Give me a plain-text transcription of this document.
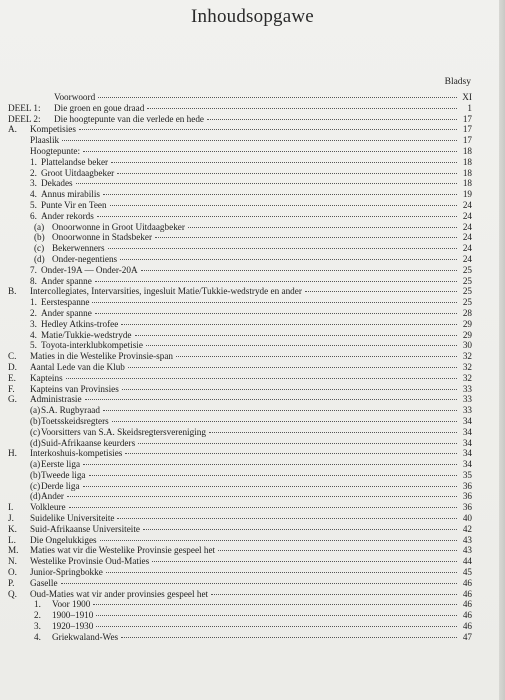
Inhoudsopgawe
Bladsy
Voorwoord	XI
DEEL 1:	Die groen en goue draad	1
DEEL 2:	Die hoogtepunte van die verlede en hede	17
A.	Kompetisies	17
Plaaslik	17
Hoogtepunte:	18
1. Plattelandse beker	18
2. Groot Uitdaagbeker	18
3. Dekades	18
4. Annus mirabilis	19
5. Punte Vir en Teen	24
6. Ander rekords	24
(a) Onoorwonne in Groot Uitdaagbeker	24
(b) Onoorwonne in Stadsbeker	24
(c) Bekerwenners	24
(d) Onder-negentiens	24
7. Onder-19A — Onder-20A	25
8. Ander spanne	25
B.	Intercollegiates, Intervarsities, ingesluit Matie/Tukkie-wedstryde en ander	25
1. Eerstespanne	25
2. Ander spanne	28
3. Hedley Atkins-trofee	29
4. Matie/Tukkie-wedstryde	29
5. Toyota-interklubkompetisie	30
C.	Maties in die Westelike Provinsie-span	32
D.	Aantal Lede van die Klub	32
E.	Kapteins	32
F.	Kapteins van Provinsies	33
G.	Administrasie	33
(a) S.A. Rugbyraad	33
(b) Toetsskeidsregters	34
(c) Voorsitters van S.A. Skeidsregtersvereniging	34
(d) Suid-Afrikaanse keurders	34
H.	Interkoshuis-kompetisies	34
(a) Eerste liga	34
(b) Tweede liga	35
(c) Derde liga	36
(d) Ander	36
I.	Volkleure	36
J.	Suidelike Universiteite	40
K.	Suid-Afrikaanse Universiteite	42
L.	Die Ongelukkiges	43
M.	Maties wat vir die Westelike Provinsie gespeel het	43
N.	Westelike Provinsie Oud-Maties	44
O.	Junior-Springbokke	45
P.	Gaselle	46
Q.	Oud-Maties wat vir ander provinsies gespeel het	46
1.	Voor 1900	46
2.	1900–1910	46
3.	1920–1930	46
4.	Griekwaland-Wes	47
